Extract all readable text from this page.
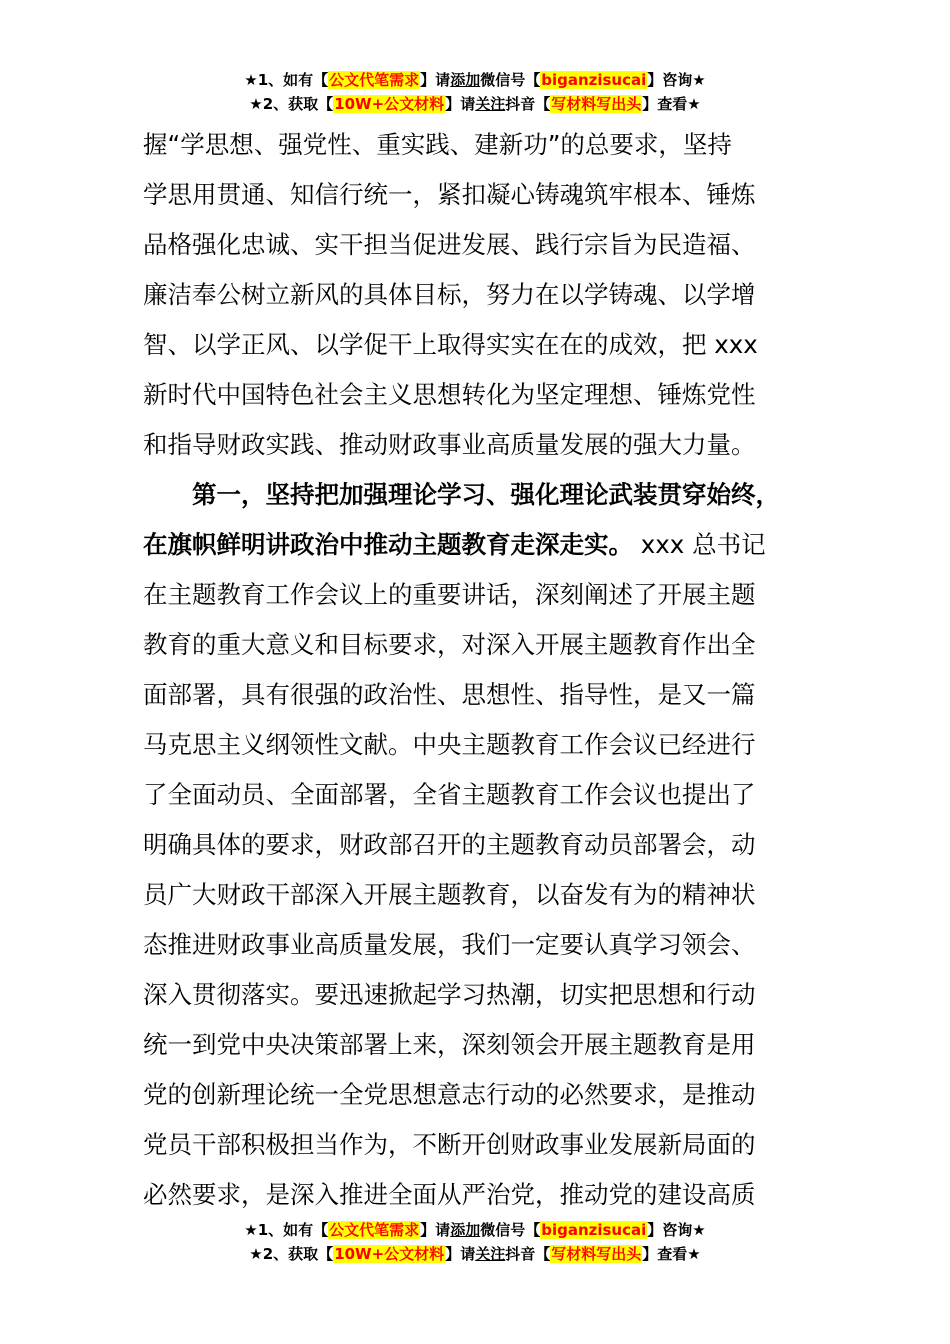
★1、如有【公文代笔需求】请添加微信号【biganzisucai】咨询★
★2、获取【10W+公文材料】请关注抖音【写材料写出头】查看★
握“学思想、强党性、重实践、建新功”的总要求，坚持
学思用贯通、知信行统一，紧扣凝心铸魂筑牢根本、锤炼
品格强化忠诚、实干担当促进发展、践行宗旨为民造福、
廉洁奉公树立新风的具体目标，努力在以学铸魂、以学增
智、以学正风、以学促干上取得实实在在的成效，把 xxx
新时代中国特色社会主义思想转化为坚定理想、锤炼党性
和指导财政实践、推动财政事业高质量发展的强大力量。
第一，坚持把加强理论学习、强化理论武装贯穿始终，
在旗帜鲜明讲政治中推动主题教育走深走实。 xxx 总书记
在主题教育工作会议上的重要讲话，深刻阐述了开展主题
教育的重大意义和目标要求，对深入开展主题教育作出全
面部署，具有很强的政治性、思想性、指导性，是又一篇
马克思主义纲领性文献。中央主题教育工作会议已经进行
了全面动员、全面部署，全省主题教育工作会议也提出了
明确具体的要求，财政部召开的主题教育动员部署会，动
员广大财政干部深入开展主题教育，以奋发有为的精神状
态推进财政事业高质量发展，我们一定要认真学习领会、
深入贯彻落实。要迅速掀起学习热潮，切实把思想和行动
统一到党中央决策部署上来，深刻领会开展主题教育是用
党的创新理论统一全党思想意志行动的必然要求，是推动
党员干部积极担当作为，不断开创财政事业发展新局面的
必然要求，是深入推进全面从严治党，推动党的建设高质
★1、如有【公文代笔需求】请添加微信号【biganzisucai】咨询★
★2、获取【10W+公文材料】请关注抖音【写材料写出头】查看★
